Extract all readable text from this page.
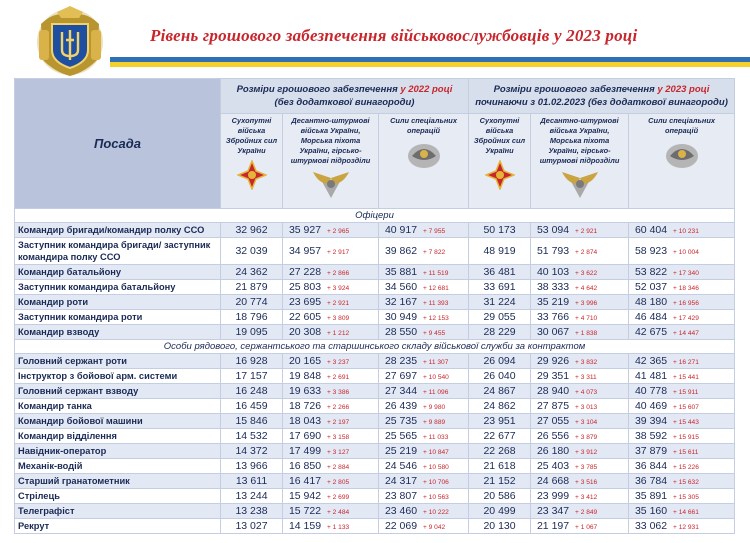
Рівень грошового забезпечення військовослужбовців у 2023 році
Посада	Розміри грошового забезпечення у 2022 році
(без додаткової винагороди)			Розміри грошового забезпечення у 2023 році
починаючи з 01.02.2023 (без додаткової винагороди)		

	Сухопутні війська Збройних сил України	Десантно-штурмові війська України, Морська піхота України, гірсько-штурмові підрозділи	Сили спеціальних операцій	Сухопутні війська Збройних сил України	Десантно-штурмові війська України, Морська піхота України, гірсько-штурмові підрозділи	Сили спеціальних операцій

Офіцери						
Командир бригади/командир полку ССО	32 962	35 927 + 2 965	40 917 + 7 955	50 173	53 094 + 2 921	60 404 + 10 231
Заступник командира бригади/ заступник командира полку ССО	32 039	34 957 + 2 917	39 862 + 7 822	48 919	51 793 + 2 874	58 923 + 10 004
Командир батальйону	24 362	27 228 + 2 866	35 881 + 11 519	36 481	40 103 + 3 622	53 822 + 17 340
Заступник командира батальйону	21 879	25 803 + 3 924	34 560 + 12 681	33 691	38 333 + 4 642	52 037 + 18 346
Командир роти	20 774	23 695 + 2 921	32 167 + 11 393	31 224	35 219 + 3 996	48 180 + 16 956
Заступник командира роти	18 796	22 605 + 3 809	30 949 + 12 153	29 055	33 766 + 4 710	46 484 + 17 429
Командир взводу	19 095	20 308 + 1 212	28 550 + 9 455	28 229	30 067 + 1 838	42 675 + 14 447
Особи рядового, сержантського та старшинського складу військової служби за контрактом						
Головний сержант роти	16 928	20 165 + 3 237	28 235 + 11 307	26 094	29 926 + 3 832	42 365 + 16 271
Інструктор з бойової арм. системи	17 157	19 848 + 2 691	27 697 + 10 540	26 040	29 351 + 3 311	41 481 + 15 441
Головний сержант взводу	16 248	19 633 + 3 386	27 344 + 11 096	24 867	28 940 + 4 073	40 778 + 15 911
Командир танка	16 459	18 726 + 2 266	26 439 + 9 980	24 862	27 875 + 3 013	40 469 + 15 607
Командир бойової машини	15 846	18 043 + 2 197	25 735 + 9 889	23 951	27 055 + 3 104	39 394 + 15 443
Командир відділення	14 532	17 690 + 3 158	25 565 + 11 033	22 677	26 556 + 3 879	38 592 + 15 915
Навідник-оператор	14 372	17 499 + 3 127	25 219 + 10 847	22 268	26 180 + 3 912	37 879 + 15 611
Механік-водій	13 966	16 850 + 2 884	24 546 + 10 580	21 618	25 403 + 3 785	36 844 + 15 226
Старший гранатометник	13 611	16 417 + 2 805	24 317 + 10 706	21 152	24 668 + 3 516	36 784 + 15 632
Стрілець	13 244	15 942 + 2 699	23 807 + 10 563	20 586	23 999 + 3 412	35 891 + 15 305
Телеграфіст	13 238	15 722 + 2 484	23 460 + 10 222	20 499	23 347 + 2 849	35 160 + 14 661
Рекрут	13 027	14 159 + 1 133	22 069 + 9 042	20 130	21 197 + 1 067	33 062 + 12 931
